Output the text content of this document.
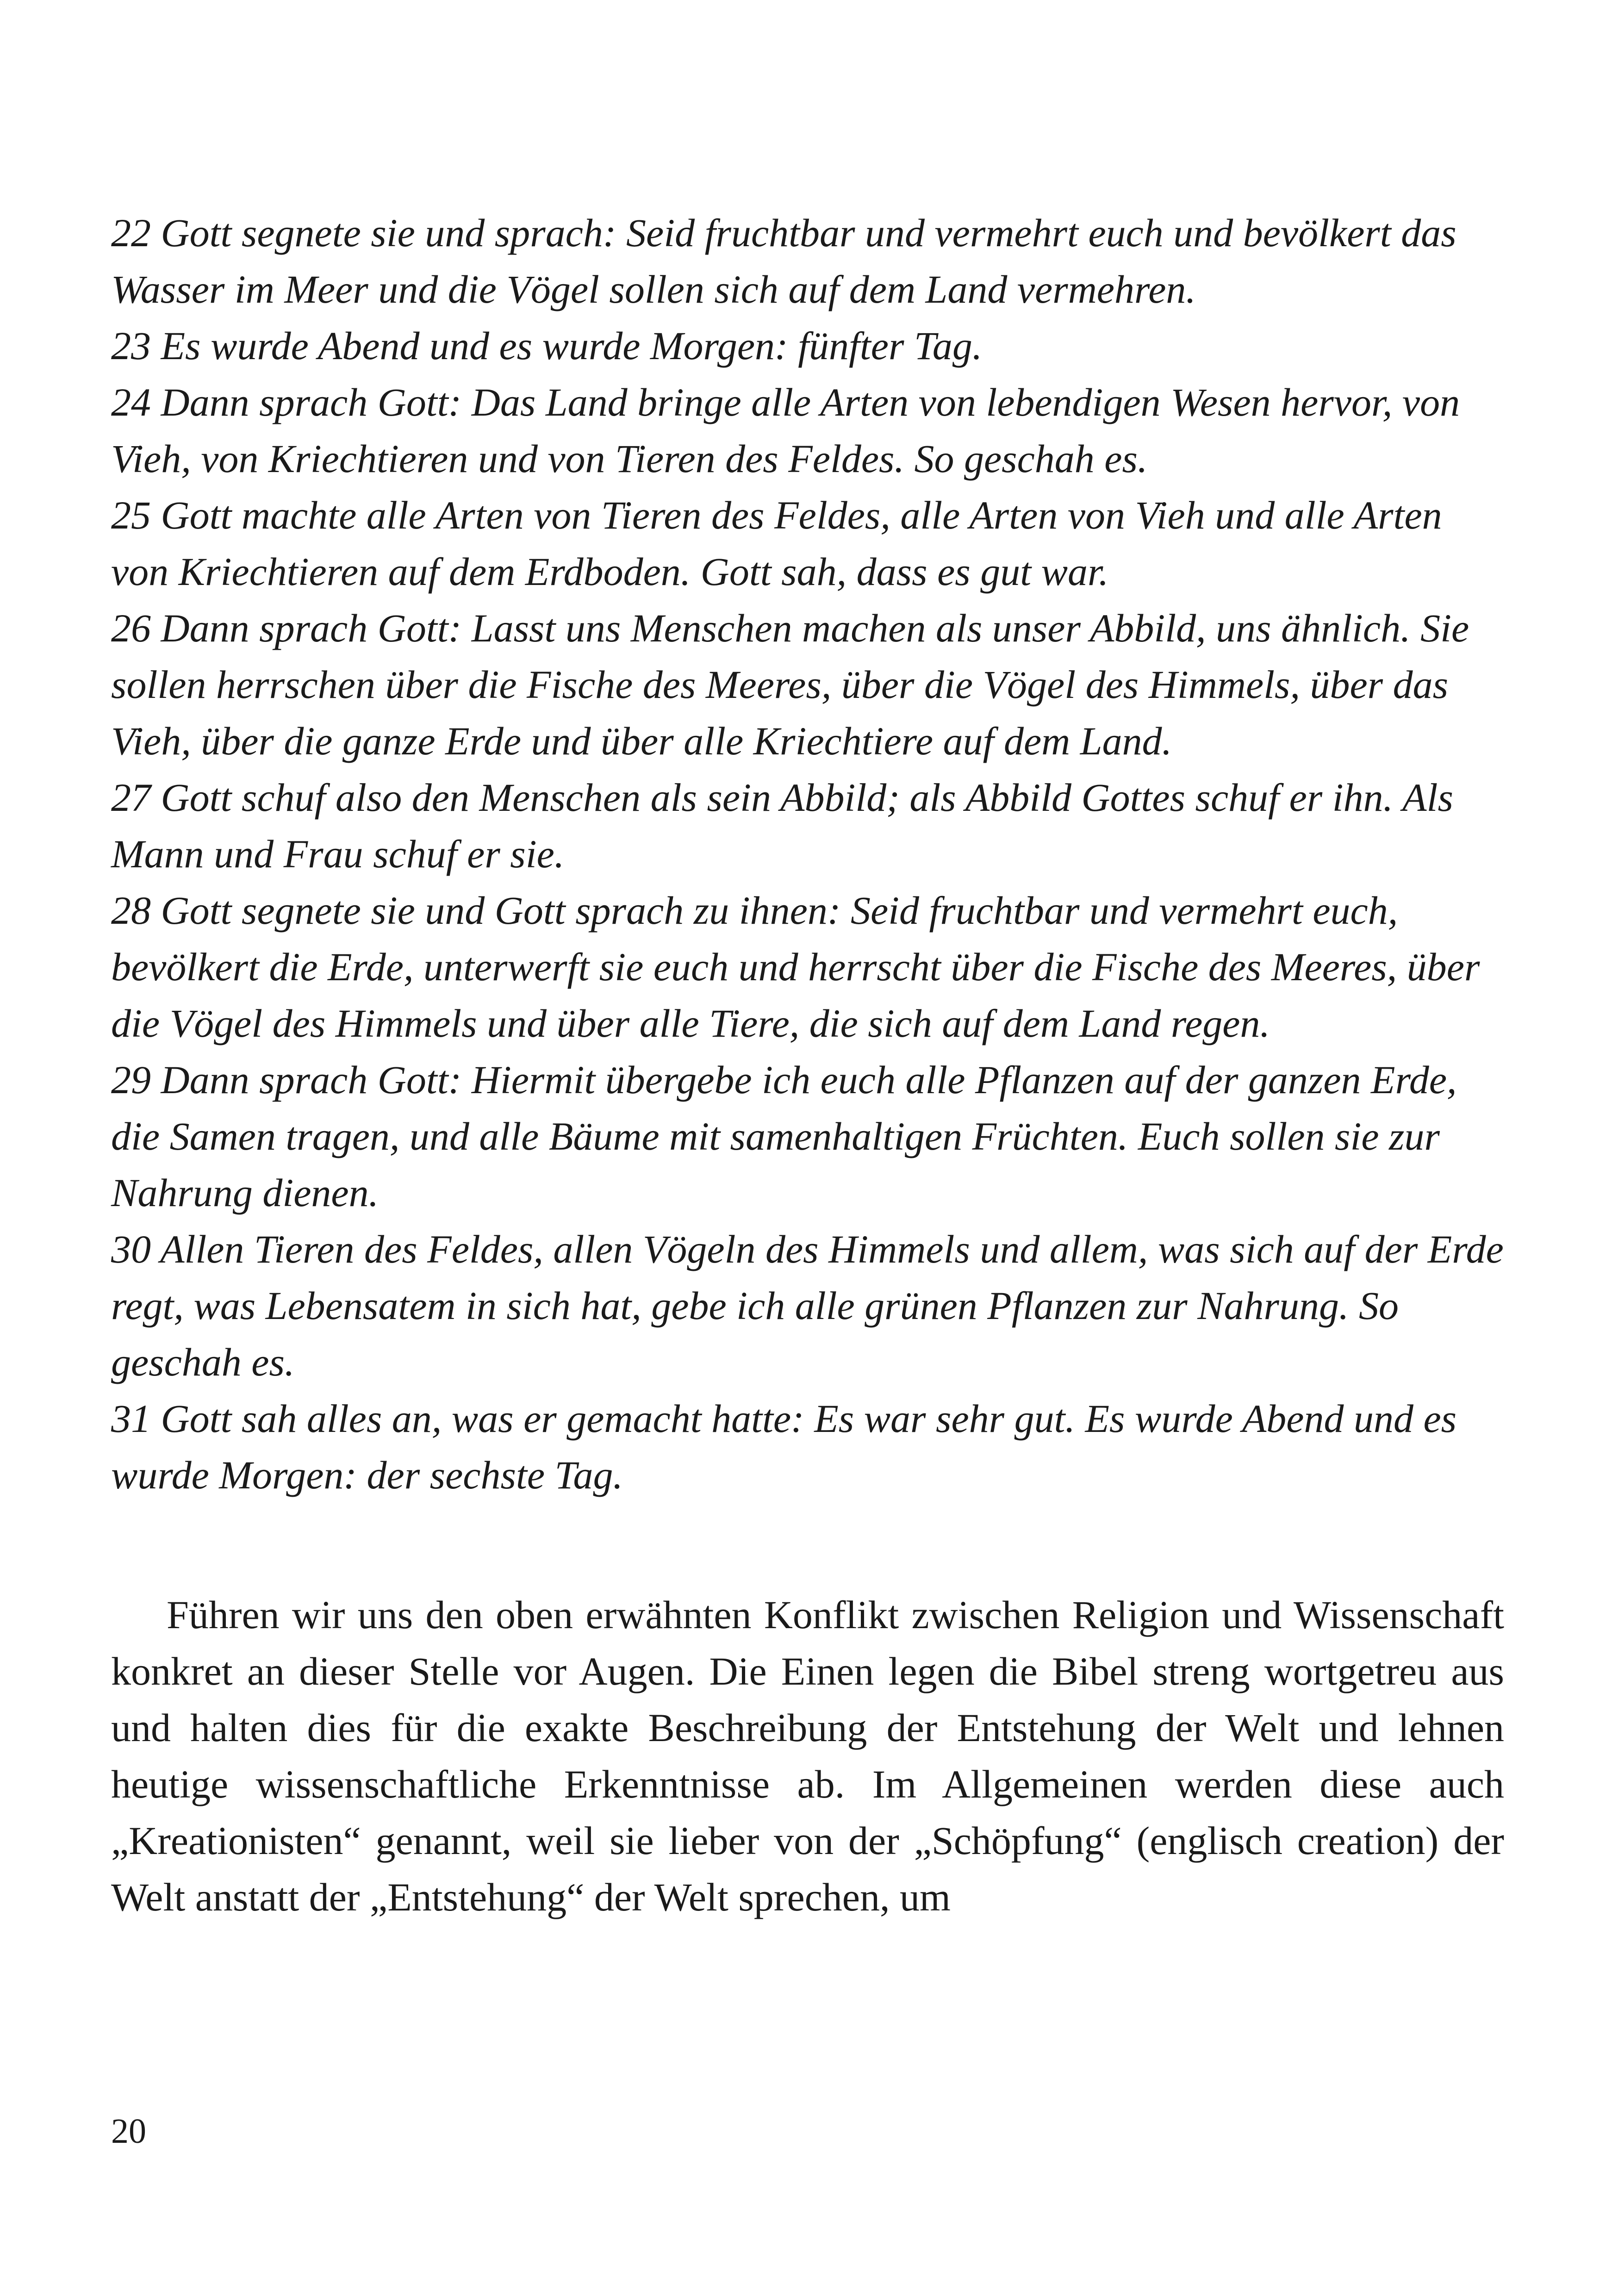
22 Gott segnete sie und sprach: Seid fruchtbar und vermehrt euch und bevölkert das Wasser im Meer und die Vögel sollen sich auf dem Land vermehren.

23 Es wurde Abend und es wurde Morgen: fünfter Tag.

24 Dann sprach Gott: Das Land bringe alle Arten von lebendigen Wesen hervor, von Vieh, von Kriechtieren und von Tieren des Feldes. So geschah es.

25 Gott machte alle Arten von Tieren des Feldes, alle Arten von Vieh und alle Arten von Kriechtieren auf dem Erdboden. Gott sah, dass es gut war.

26 Dann sprach Gott: Lasst uns Menschen machen als unser Abbild, uns ähnlich. Sie sollen herrschen über die Fische des Meeres, über die Vögel des Himmels, über das Vieh, über die ganze Erde und über alle Kriechtiere auf dem Land.

27 Gott schuf also den Menschen als sein Abbild; als Abbild Gottes schuf er ihn. Als Mann und Frau schuf er sie.

28 Gott segnete sie und Gott sprach zu ihnen: Seid fruchtbar und vermehrt euch, bevölkert die Erde, unterwerft sie euch und herrscht über die Fische des Meeres, über die Vögel des Himmels und über alle Tiere, die sich auf dem Land regen.

29 Dann sprach Gott: Hiermit übergebe ich euch alle Pflanzen auf der ganzen Erde, die Samen tragen, und alle Bäume mit samenhaltigen Früchten. Euch sollen sie zur Nahrung dienen.

30 Allen Tieren des Feldes, allen Vögeln des Himmels und allem, was sich auf der Erde regt, was Lebensatem in sich hat, gebe ich alle grünen Pflanzen zur Nahrung. So geschah es.

31 Gott sah alles an, was er gemacht hatte: Es war sehr gut. Es wurde Abend und es wurde Morgen: der sechste Tag.

Führen wir uns den oben erwähnten Konflikt zwischen Religion und Wissenschaft konkret an dieser Stelle vor Augen. Die Einen legen die Bibel streng wortgetreu aus und halten dies für die exakte Beschreibung der Entstehung der Welt und lehnen heutige wissenschaftliche Erkenntnisse ab. Im Allgemeinen werden diese auch „Kreationisten“ genannt, weil sie lieber von der „Schöpfung“ (englisch creation) der Welt anstatt der „Entstehung“ der Welt sprechen, um

20
